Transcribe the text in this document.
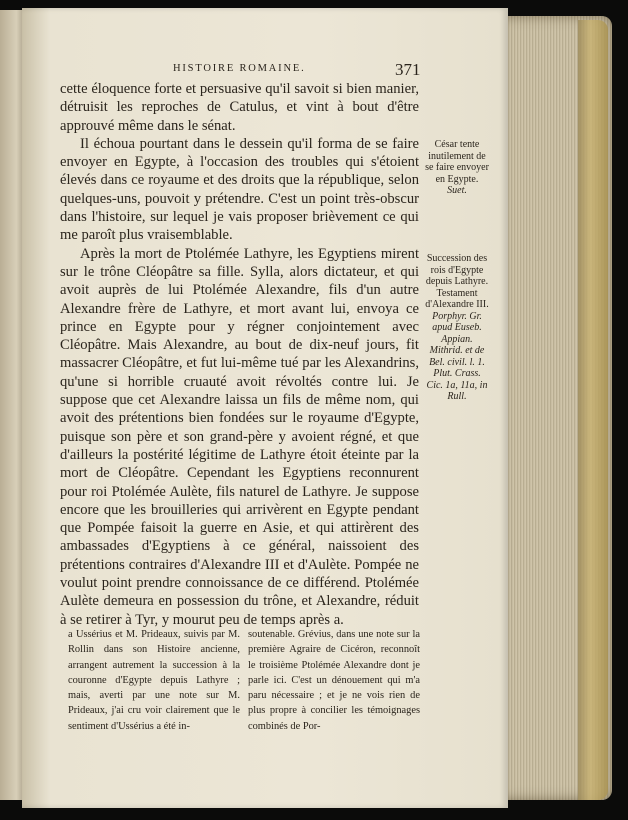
HISTOIRE ROMAINE.	371

cette éloquence forte et persuasive qu'il savoit si bien manier, détruisit les reproches de Catulus, et vint à bout d'être approuvé même dans le sénat.

Il échoua pourtant dans le dessein qu'il forma de se faire envoyer en Egypte, à l'occasion des troubles qui s'étoient élevés dans ce royaume et des droits que la république, selon quelques-uns, pouvoit y prétendre. C'est un point très-obscur dans l'histoire, sur lequel je vais proposer brièvement ce qui me paroît plus vraisemblable.

Après la mort de Ptolémée Lathyre, les Egyptiens mirent sur le trône Cléopâtre sa fille. Sylla, alors dictateur, et qui avoit auprès de lui Ptolémée Alexandre, fils d'un autre Alexandre frère de Lathyre, et mort avant lui, envoya ce prince en Egypte pour y régner conjointement avec Cléopâtre. Mais Alexandre, au bout de dix-neuf jours, fit massacrer Cléopâtre, et fut lui-même tué par les Alexandrins, qu'une si horrible cruauté avoit révoltés contre lui. Je suppose que cet Alexandre laissa un fils de même nom, qui avoit des prétentions bien fondées sur le royaume d'Egypte, puisque son père et son grand-père y avoient régné, et que d'ailleurs la postérité légitime de Lathyre étoit éteinte par la mort de Cléopâtre. Cependant les Egyptiens reconnurent pour roi Ptolémée Aulète, fils naturel de Lathyre. Je suppose encore que les brouilleries qui arrivèrent en Egypte pendant que Pompée faisoit la guerre en Asie, et qui attirèrent des ambassades d'Egyptiens à ce général, naissoient des prétentions contraires d'Alexandre III et d'Aulète. Pompée ne voulut point prendre connoissance de ce différend. Ptolémée Aulète demeura en possession du trône, et Alexandre, réduit à se retirer à Tyr, y mourut peu de temps après a.

César tente inutilement de se faire envoyer en Egypte.
Suet.
Succession des rois d'Egypte depuis Lathyre. Testament d'Alexandre III.
Porphyr. Gr. apud Euseb. Appian. Mithrid. et de Bel. civil. l. 1. Plut. Crass. Cic. 1a, 11a, in Rull.

a Ussérius et M. Prideaux, suivis par M. Rollin dans son Histoire ancienne, arrangent autrement la succession à la couronne d'Egypte depuis Lathyre ; mais, averti par une note sur M. Prideaux, j'ai cru voir clairement que le sentiment d'Ussérius a été in-

soutenable. Grévius, dans une note sur la première Agraire de Cicéron, reconnoît le troisième Ptolémée Alexandre dont je parle ici. C'est un dénouement qui m'a paru nécessaire ; et je ne vois rien de plus propre à concilier les témoignages combinés de Por-
